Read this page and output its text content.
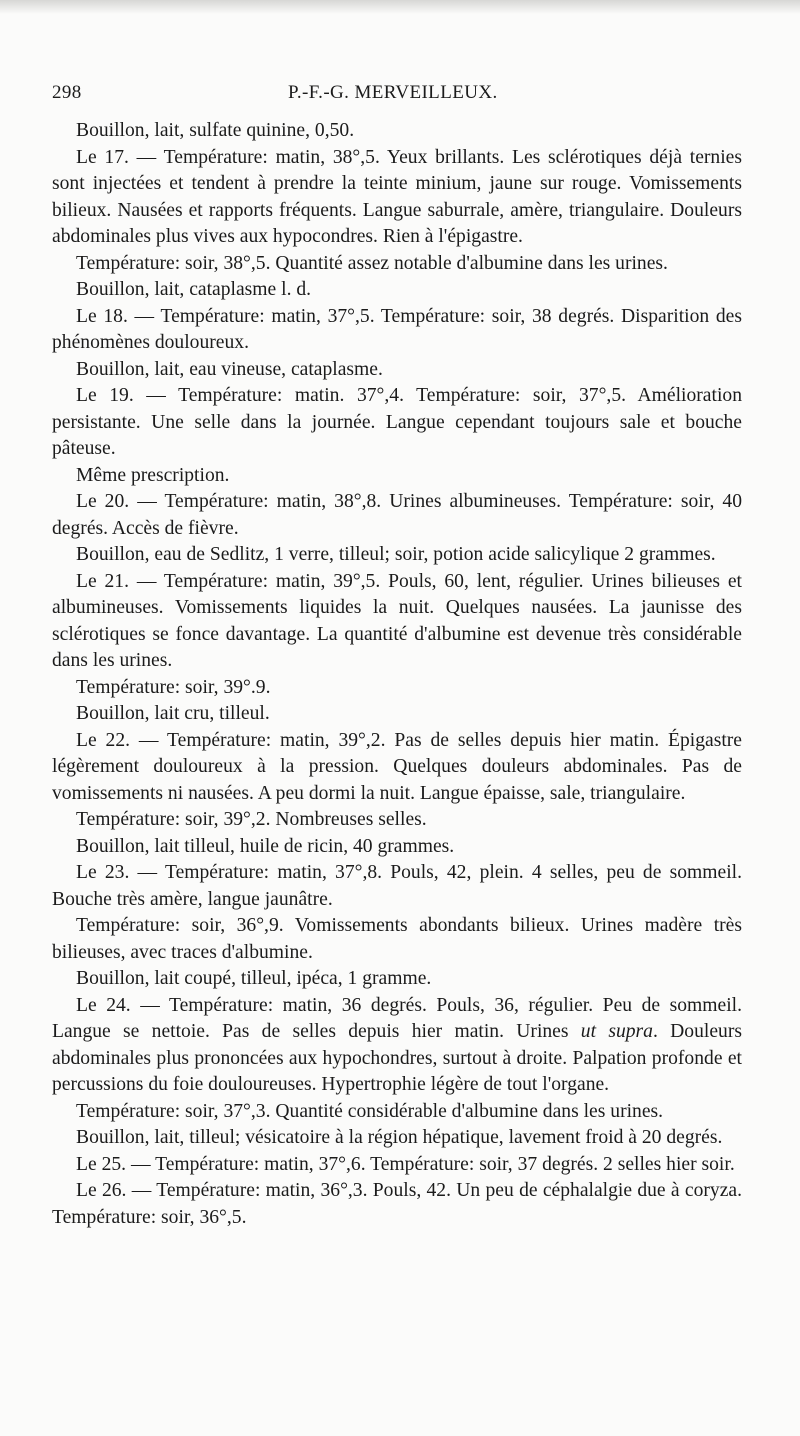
298	P.-F.-G. MERVEILLEUX.

Bouillon, lait, sulfate quinine, 0,50.

Le 17. — Température: matin, 38°,5. Yeux brillants. Les sclérotiques déjà ternies sont injectées et tendent à prendre la teinte minium, jaune sur rouge. Vomissements bilieux. Nausées et rapports fréquents. Langue saburrale, amère, triangulaire. Douleurs abdominales plus vives aux hypocondres. Rien à l'épigastre.

Température: soir, 38°,5. Quantité assez notable d'albumine dans les urines.

Bouillon, lait, cataplasme l. d.

Le 18. — Température: matin, 37°,5. Température: soir, 38 degrés. Disparition des phénomènes douloureux.

Bouillon, lait, eau vineuse, cataplasme.

Le 19. — Température: matin. 37°,4. Température: soir, 37°,5. Amélioration persistante. Une selle dans la journée. Langue cependant toujours sale et bouche pâteuse.

Même prescription.

Le 20. — Température: matin, 38°,8. Urines albumineuses. Température: soir, 40 degrés. Accès de fièvre.

Bouillon, eau de Sedlitz, 1 verre, tilleul; soir, potion acide salicylique 2 grammes.

Le 21. — Température: matin, 39°,5. Pouls, 60, lent, régulier. Urines bilieuses et albumineuses. Vomissements liquides la nuit. Quelques nausées. La jaunisse des sclérotiques se fonce davantage. La quantité d'albumine est devenue très considérable dans les urines.

Température: soir, 39°.9.

Bouillon, lait cru, tilleul.

Le 22. — Température: matin, 39°,2. Pas de selles depuis hier matin. Épigastre légèrement douloureux à la pression. Quelques douleurs abdominales. Pas de vomissements ni nausées. A peu dormi la nuit. Langue épaisse, sale, triangulaire.

Température: soir, 39°,2. Nombreuses selles.

Bouillon, lait tilleul, huile de ricin, 40 grammes.

Le 23. — Température: matin, 37°,8. Pouls, 42, plein. 4 selles, peu de sommeil. Bouche très amère, langue jaunâtre.

Température: soir, 36°,9. Vomissements abondants bilieux. Urines madère très bilieuses, avec traces d'albumine.

Bouillon, lait coupé, tilleul, ipéca, 1 gramme.

Le 24. — Température: matin, 36 degrés. Pouls, 36, régulier. Peu de sommeil. Langue se nettoie. Pas de selles depuis hier matin. Urines ut supra. Douleurs abdominales plus prononcées aux hypochondres, surtout à droite. Palpation profonde et percussions du foie douloureuses. Hypertrophie légère de tout l'organe.

Température: soir, 37°,3. Quantité considérable d'albumine dans les urines.

Bouillon, lait, tilleul; vésicatoire à la région hépatique, lavement froid à 20 degrés.

Le 25. — Température: matin, 37°,6. Température: soir, 37 degrés. 2 selles hier soir.

Le 26. — Température: matin, 36°,3. Pouls, 42. Un peu de céphalalgie due à coryza. Température: soir, 36°,5.
